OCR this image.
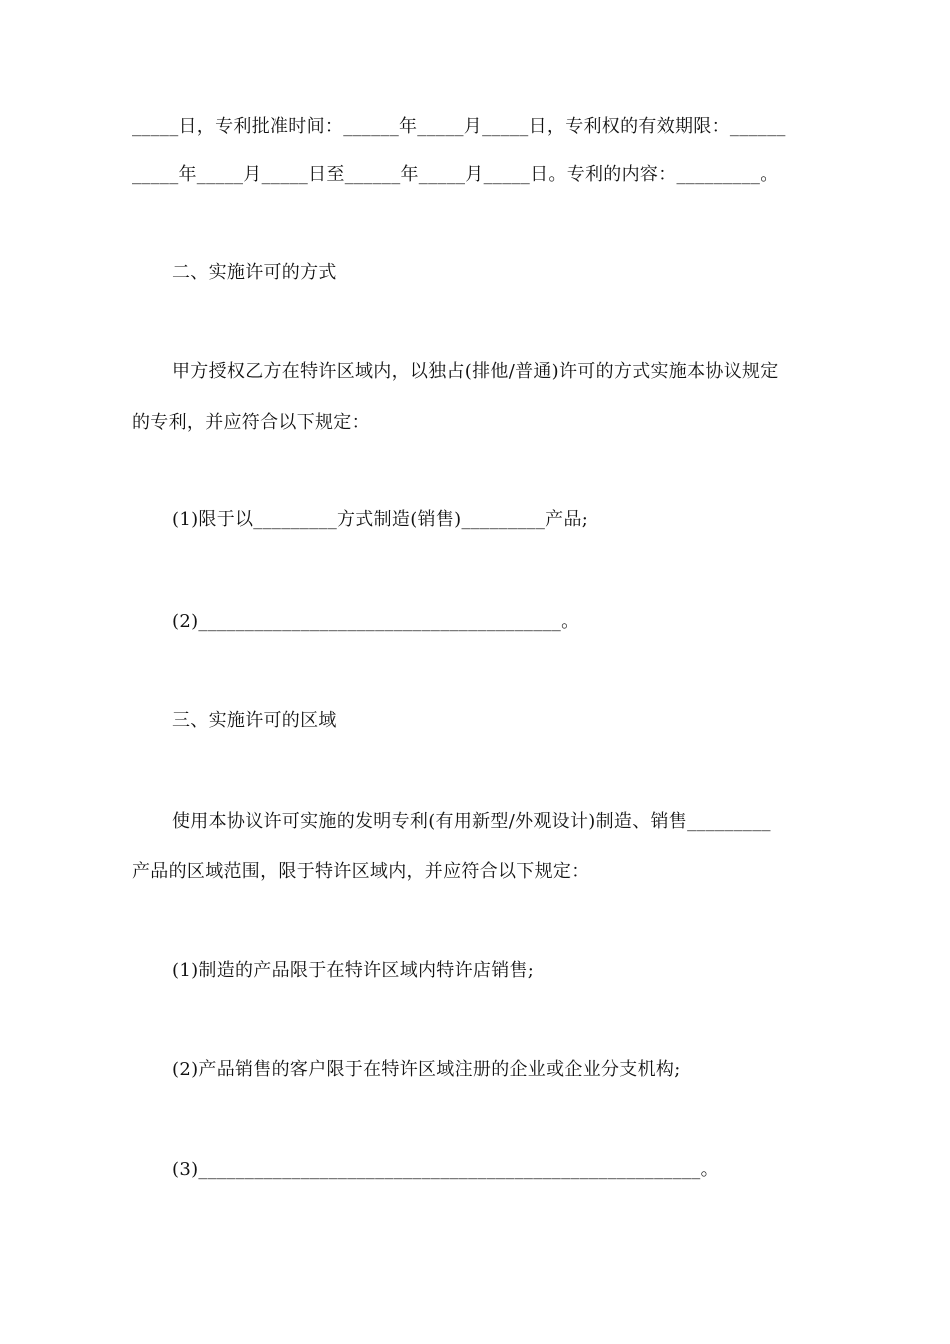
_____日，专利批准时间：______年_____月_____日，专利权的有效期限：______
_____年_____月_____日至______年_____月_____日。专利的内容：_________。
二、实施许可的方式
甲方授权乙方在特许区域内，以独占(排他/普通)许可的方式实施本协议规定
的专利，并应符合以下规定：
(1)限于以_________方式制造(销售)_________产品;
(2)_______________________________________。
三、实施许可的区域
使用本协议许可实施的发明专利(有用新型/外观设计)制造、销售_________
产品的区域范围，限于特许区域内，并应符合以下规定：
(1)制造的产品限于在特许区域内特许店销售;
(2)产品销售的客户限于在特许区域注册的企业或企业分支机构;
(3)______________________________________________________。
